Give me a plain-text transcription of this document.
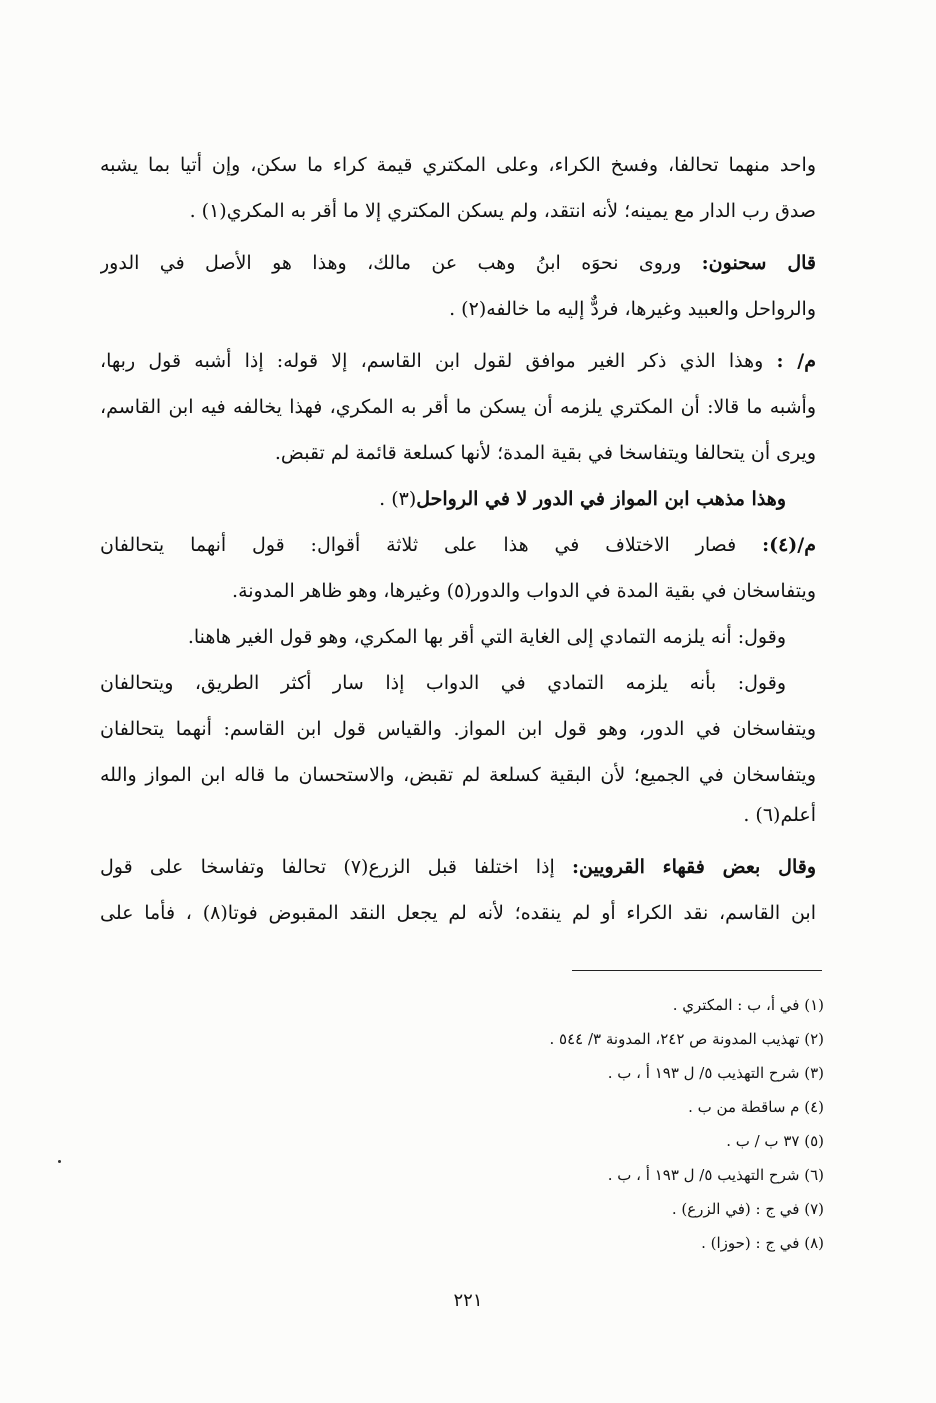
واحد منهما تحالفا، وفسخ الكراء، وعلى المكتري قيمة كراء ما سكن، وإن أتيا بما يشبه
صدق رب الدار مع يمينه؛ لأنه انتقد، ولم يسكن المكتري إلا ما أقر به المكري(١) .
قال سحنون: وروى نحوَه ابنُ وهب عن مالك، وهذا هو الأصل في الدور
والرواحل والعبيد وغيرها، فردٌّ إليه ما خالفه(٢) .
م/ : وهذا الذي ذكر الغير موافق لقول ابن القاسم، إلا قوله: إذا أشبه قول ربها،
وأشبه ما قالا: أن المكتري يلزمه أن يسكن ما أقر به المكري، فهذا يخالفه فيه ابن القاسم،
ويرى أن يتحالفا ويتفاسخا في بقية المدة؛ لأنها كسلعة قائمة لم تقبض.
وهذا مذهب ابن المواز في الدور لا في الرواحل(٣) .
م/(٤): فصار الاختلاف في هذا على ثلاثة أقوال: قول أنهما يتحالفان
ويتفاسخان في بقية المدة في الدواب والدور(٥) وغيرها، وهو ظاهر المدونة.
وقول: أنه يلزمه التمادي إلى الغاية التي أقر بها المكري، وهو قول الغير هاهنا.
وقول: بأنه يلزمه التمادي في الدواب إذا سار أكثر الطريق، ويتحالفان
ويتفاسخان في الدور، وهو قول ابن المواز. والقياس قول ابن القاسم: أنهما يتحالفان
ويتفاسخان في الجميع؛ لأن البقية كسلعة لم تقبض، والاستحسان ما قاله ابن المواز والله
أعلم(٦) .
وقال بعض فقهاء القرويين: إذا اختلفا قبل الزرع(٧) تحالفا وتفاسخا على قول
ابن القاسم، نقد الكراء أو لم ينقده؛ لأنه لم يجعل النقد المقبوض فوتا(٨) ، فأما على
(١) في أ، ب : المكتري .
(٢) تهذيب المدونة ص ٢٤٢، المدونة ٣/ ٥٤٤ .
(٣) شرح التهذيب ٥/ ل ١٩٣ أ ، ب .
(٤) م ساقطة من ب .
(٥) ٣٧ ب / ب .
(٦) شرح التهذيب ٥/ ل ١٩٣ أ ، ب .
(٧) في ج : (في الزرع) .
(٨) في ج : (حوزا) .
٢٢١
